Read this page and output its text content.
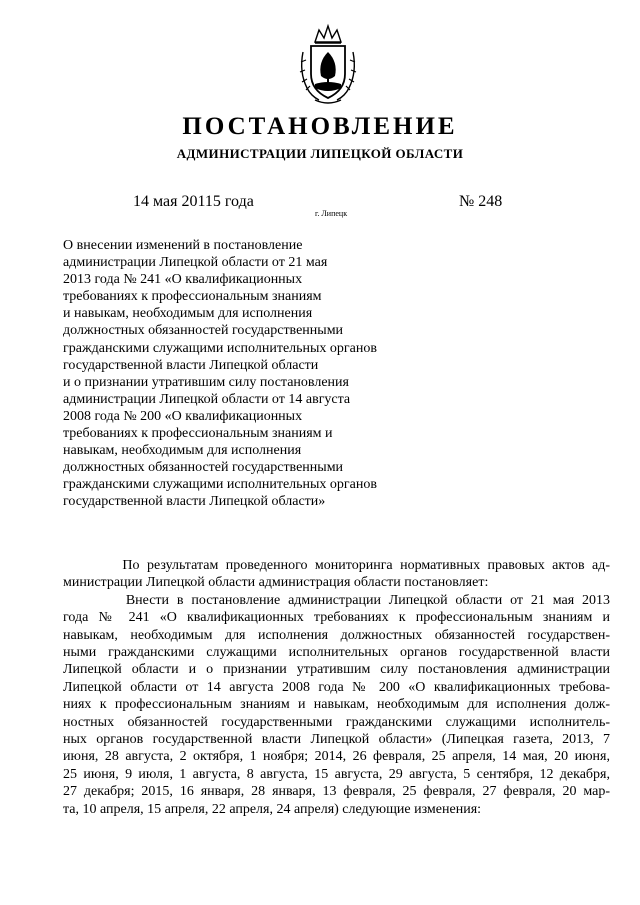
ПОСТАНОВЛЕНИЕ
АДМИНИСТРАЦИИ ЛИПЕЦКОЙ ОБЛАСТИ
14 мая 20115 года
г. Липецк
№ 248
О внесении изменений в постановление
администрации Липецкой области от 21 мая
2013 года № 241 «О квалификационных
требованиях к профессиональным знаниям
и навыкам, необходимым для исполнения
должностных обязанностей государственными
гражданскими служащими исполнительных органов
государственной власти Липецкой области
и о признании утратившим силу постановления
администрации Липецкой области от 14 августа
2008 года № 200 «О квалификационных
требованиях к профессиональным знаниям и
навыкам, необходимым для исполнения
должностных обязанностей государственными
гражданскими служащими исполнительных органов
государственной власти Липецкой области»
По результатам проведенного мониторинга нормативных правовых актов ад-
министрации Липецкой области администрация области постановляет:
Внести в постановление администрации Липецкой области от 21 мая 2013
года № 241 «О квалификационных требованиях к профессиональным знаниям и
навыкам, необходимым для исполнения должностных обязанностей государствен-
ными гражданскими служащими исполнительных органов государственной власти
Липецкой области и о признании утратившим силу постановления администрации
Липецкой области от 14 августа 2008 года № 200 «О квалификационных требова-
ниях к профессиональным знаниям и навыкам, необходимым для исполнения долж-
ностных обязанностей государственными гражданскими служащими исполнитель-
ных органов государственной власти Липецкой области» (Липецкая газета, 2013, 7
июня, 28 августа, 2 октября, 1 ноября; 2014, 26 февраля, 25 апреля, 14 мая, 20 июня,
25 июня, 9 июля, 1 августа, 8 августа, 15 августа, 29 августа, 5 сентября, 12 декабря,
27 декабря; 2015, 16 января, 28 января, 13 февраля, 25 февраля, 27 февраля, 20 мар-
та, 10 апреля, 15 апреля, 22 апреля, 24 апреля) следующие изменения:
